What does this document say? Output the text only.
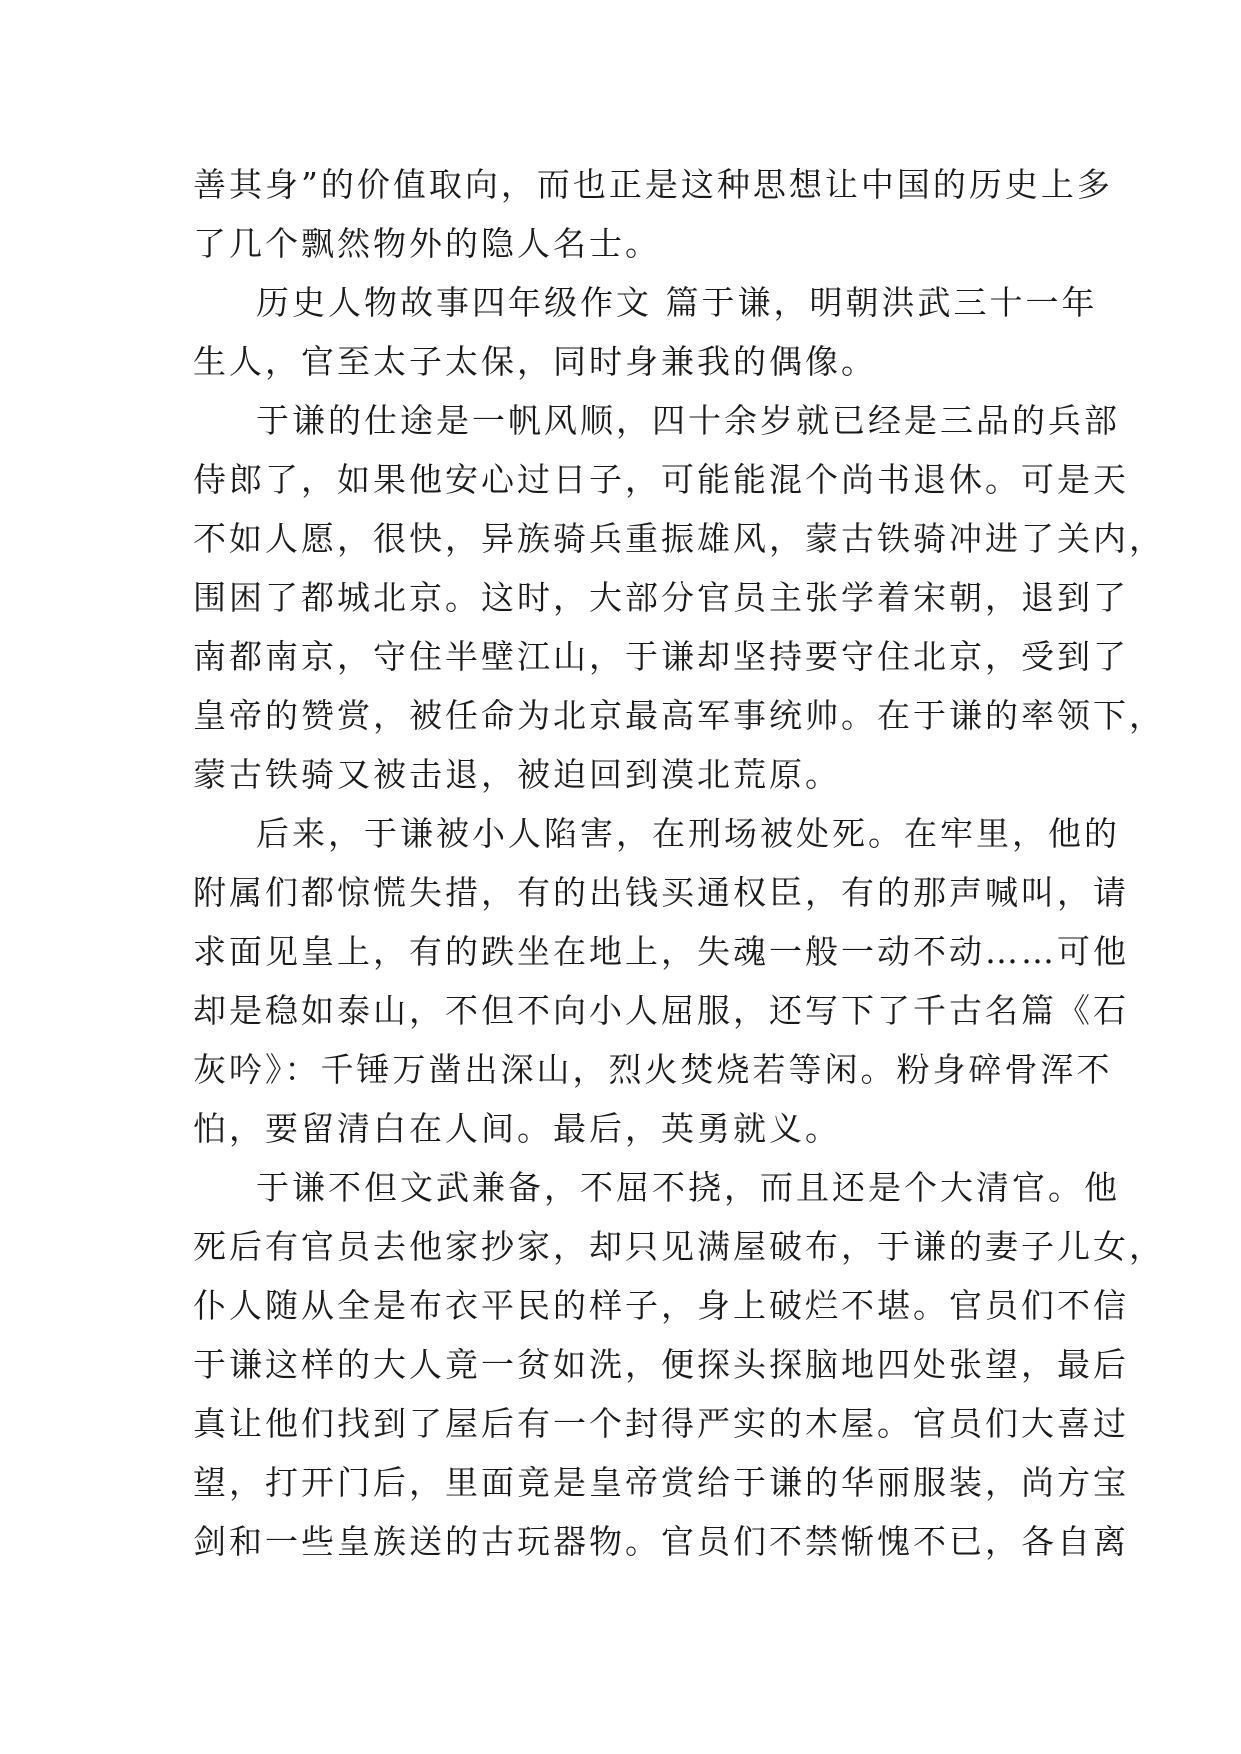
善其身”的价值取向，而也正是这种思想让中国的历史上多
了几个飘然物外的隐人名士。
历史人物故事四年级作文 篇于谦，明朝洪武三十一年
生人，官至太子太保，同时身兼我的偶像。
于谦的仕途是一帆风顺，四十余岁就已经是三品的兵部
侍郎了，如果他安心过日子，可能能混个尚书退休。可是天
不如人愿，很快，异族骑兵重振雄风，蒙古铁骑冲进了关内，
围困了都城北京。这时，大部分官员主张学着宋朝，退到了
南都南京，守住半壁江山，于谦却坚持要守住北京，受到了
皇帝的赞赏，被任命为北京最高军事统帅。在于谦的率领下，
蒙古铁骑又被击退，被迫回到漠北荒原。
后来，于谦被小人陷害，在刑场被处死。在牢里，他的
附属们都惊慌失措，有的出钱买通权臣，有的那声喊叫，请
求面见皇上，有的跌坐在地上，失魂一般一动不动……可他
却是稳如泰山，不但不向小人屈服，还写下了千古名篇《石
灰吟》：千锤万凿出深山，烈火焚烧若等闲。粉身碎骨浑不
怕，要留清白在人间。最后，英勇就义。
于谦不但文武兼备，不屈不挠，而且还是个大清官。他
死后有官员去他家抄家，却只见满屋破布，于谦的妻子儿女，
仆人随从全是布衣平民的样子，身上破烂不堪。官员们不信
于谦这样的大人竟一贫如洗，便探头探脑地四处张望，最后
真让他们找到了屋后有一个封得严实的木屋。官员们大喜过
望，打开门后，里面竟是皇帝赏给于谦的华丽服装，尚方宝
剑和一些皇族送的古玩器物。官员们不禁惭愧不已，各自离
